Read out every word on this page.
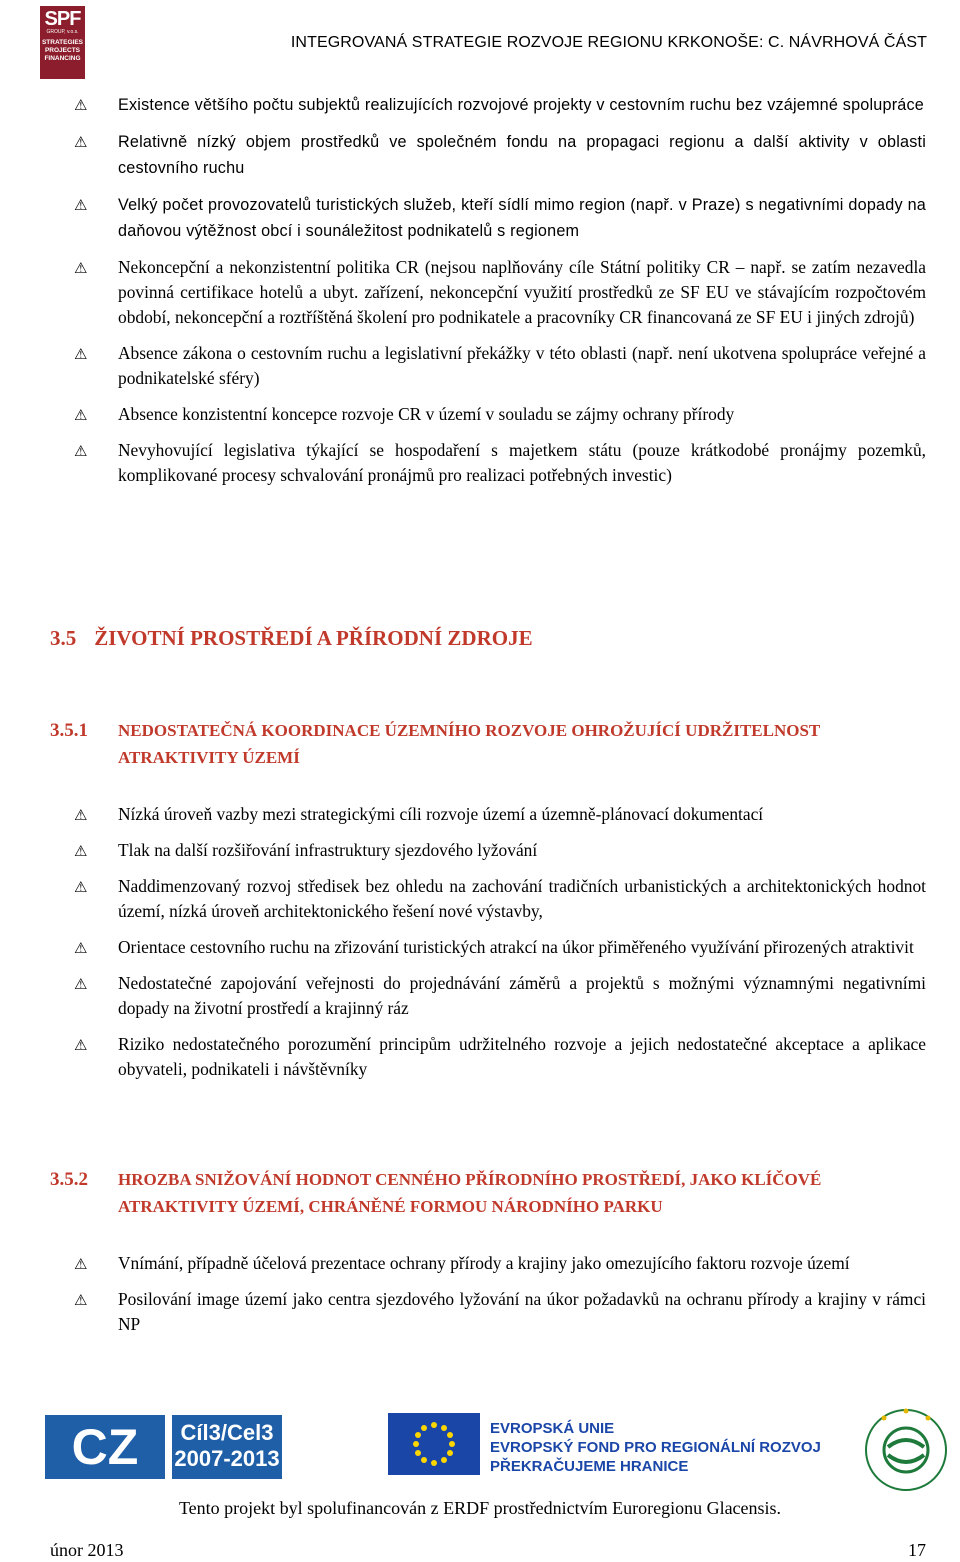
SPF
GROUP, v.o.s.
STRATEGIES
PROJECTS
FINANCING
INTEGROVANÁ STRATEGIE ROZVOJE REGIONU KRKONOŠE: C. NÁVRHOVÁ ČÁST
⚠ Existence většího počtu subjektů realizujících rozvojové projekty v cestovním ruchu bez vzájemné spolupráce
⚠ Relativně nízký objem prostředků ve společném fondu na propagaci regionu a další aktivity v oblasti cestovního ruchu
⚠ Velký počet provozovatelů turistických služeb, kteří sídlí mimo region (např. v Praze) s negativními dopady na daňovou výtěžnost obcí i sounáležitost podnikatelů s regionem
⚠ Nekoncepční a nekonzistentní politika CR (nejsou naplňovány cíle Státní politiky CR – např. se zatím nezavedla povinná certifikace hotelů a ubyt. zařízení, nekoncepční využití prostředků ze SF EU ve stávajícím rozpočtovém období, nekoncepční a roztříštěná školení pro podnikatele a pracovníky CR financovaná ze SF EU i jiných zdrojů)
⚠ Absence zákona o cestovním ruchu a legislativní překážky v této oblasti (např. není ukotvena spolupráce veřejné a podnikatelské sféry)
⚠ Absence konzistentní koncepce rozvoje CR v území v souladu se zájmy ochrany přírody
⚠ Nevyhovující legislativa týkající se hospodaření s majetkem státu (pouze krátkodobé pronájmy pozemků, komplikované procesy schvalování pronájmů pro realizaci potřebných investic)
3.5 ŽIVOTNÍ PROSTŘEDÍ A PŘÍRODNÍ ZDROJE
3.5.1 NEDOSTATEČNÁ KOORDINACE ÚZEMNÍHO ROZVOJE OHROŽUJÍCÍ UDRŽITELNOST ATRAKTIVITY ÚZEMÍ
⚠ Nízká úroveň vazby mezi strategickými cíli rozvoje území a územně-plánovací dokumentací
⚠ Tlak na další rozšiřování infrastruktury sjezdového lyžování
⚠ Naddimenzovaný rozvoj středisek bez ohledu na zachování tradičních urbanistických a architektonických hodnot území, nízká úroveň architektonického řešení nové výstavby,
⚠ Orientace cestovního ruchu na zřizování turistických atrakcí na úkor přiměřeného využívání přirozených atraktivit
⚠ Nedostatečné zapojování veřejnosti do projednávání záměrů a projektů s možnými významnými negativními dopady na životní prostředí a krajinný ráz
⚠ Riziko nedostatečného porozumění principům udržitelného rozvoje a jejich nedostatečné akceptace a aplikace obyvateli, podnikateli i návštěvníky
3.5.2 HROZBA SNIŽOVÁNÍ HODNOT CENNÉHO PŘÍRODNÍHO PROSTŘEDÍ, JAKO KLÍČOVÉ ATRAKTIVITY ÚZEMÍ, CHRÁNĚNÉ FORMOU NÁRODNÍHO PARKU
⚠ Vnímání, případně účelová prezentace ochrany přírody a krajiny jako omezujícího faktoru rozvoje území
⚠ Posilování image území jako centra sjezdového lyžování na úkor požadavků na ochranu přírody a krajiny v rámci NP
CZ PL
Cíl3/Cel3
2007-2013
EVROPSKÁ UNIE
EVROPSKÝ FOND PRO REGIONÁLNÍ ROZVOJ
PŘEKRAČUJEME HRANICE
Tento projekt byl spolufinancován z ERDF prostřednictvím Euroregionu Glacensis.
únor 2013	17
